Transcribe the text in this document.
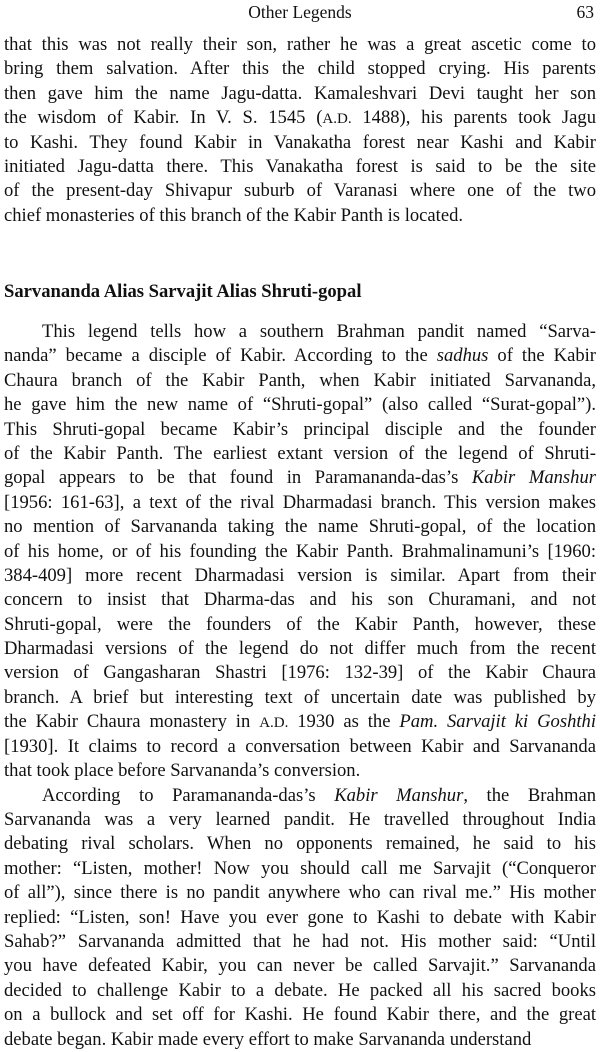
Other Legends	63
that this was not really their son, rather he was a great ascetic come to
bring them salvation. After this the child stopped crying. His parents
then gave him the name Jagu-datta. Kamaleshvari Devi taught her son
the wisdom of Kabir. In V. S. 1545 (A.D. 1488), his parents took Jagu
to Kashi. They found Kabir in Vanakatha forest near Kashi and Kabir
initiated Jagu-datta there. This Vanakatha forest is said to be the site
of the present-day Shivapur suburb of Varanasi where one of the two
chief monasteries of this branch of the Kabir Panth is located.
Sarvananda Alias Sarvajit Alias Shruti-gopal
This legend tells how a southern Brahman pandit named “Sarva-
nanda” became a disciple of Kabir. According to the sadhus of the Kabir
Chaura branch of the Kabir Panth, when Kabir initiated Sarvananda,
he gave him the new name of “Shruti-gopal” (also called “Surat-gopal”).
This Shruti-gopal became Kabir’s principal disciple and the founder
of the Kabir Panth. The earliest extant version of the legend of Shruti-
gopal appears to be that found in Paramananda-das’s Kabir Manshur
[1956: 161-63], a text of the rival Dharmadasi branch. This version makes
no mention of Sarvananda taking the name Shruti-gopal, of the location
of his home, or of his founding the Kabir Panth. Brahmalinamuni’s [1960:
384-409] more recent Dharmadasi version is similar. Apart from their
concern to insist that Dharma-das and his son Churamani, and not
Shruti-gopal, were the founders of the Kabir Panth, however, these
Dharmadasi versions of the legend do not differ much from the recent
version of Gangasharan Shastri [1976: 132-39] of the Kabir Chaura
branch. A brief but interesting text of uncertain date was published by
the Kabir Chaura monastery in A.D. 1930 as the Pam. Sarvajit ki Goshthi
[1930]. It claims to record a conversation between Kabir and Sarvananda
that took place before Sarvananda’s conversion.
According to Paramananda-das’s Kabir Manshur, the Brahman
Sarvananda was a very learned pandit. He travelled throughout India
debating rival scholars. When no opponents remained, he said to his
mother: “Listen, mother! Now you should call me Sarvajit (“Conqueror
of all”), since there is no pandit anywhere who can rival me.” His mother
replied: “Listen, son! Have you ever gone to Kashi to debate with Kabir
Sahab?” Sarvananda admitted that he had not. His mother said: “Until
you have defeated Kabir, you can never be called Sarvajit.” Sarvananda
decided to challenge Kabir to a debate. He packed all his sacred books
on a bullock and set off for Kashi. He found Kabir there, and the great
debate began. Kabir made every effort to make Sarvananda understand
